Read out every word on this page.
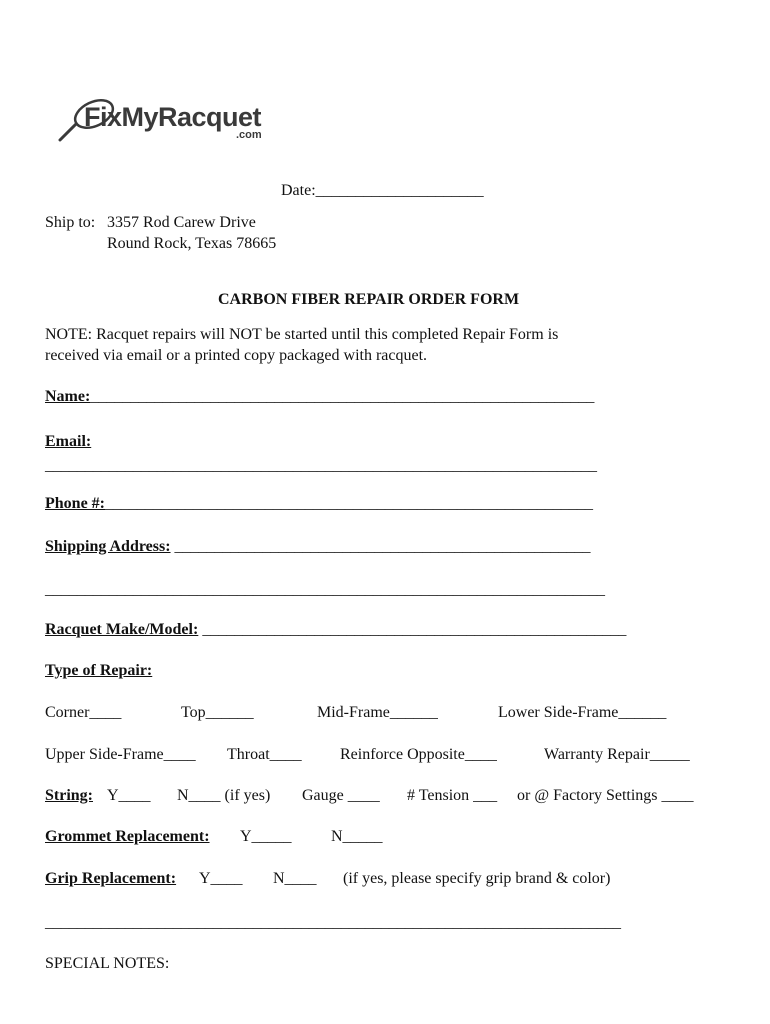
FixMyRacquet
.com
Date:_____________________
Ship to: 3357 Rod Carew Drive
Round Rock, Texas 78665
CARBON FIBER REPAIR ORDER FORM
NOTE: Racquet repairs will NOT be started until this completed Repair Form is
received via email or a printed copy packaged with racquet.
Name:_______________________________________________________________
Email:
_____________________________________________________________________
Phone #:_____________________________________________________________
Shipping Address: ____________________________________________________
______________________________________________________________________
Racquet Make/Model: _____________________________________________________
Type of Repair:
Corner____	Top______	Mid-Frame______	Lower Side-Frame______
Upper Side-Frame____ Throat____ Reinforce Opposite____	Warranty Repair_____
String: Y____ N____ (if yes) Gauge ____ # Tension ___ or @ Factory Settings ____
Grommet Replacement: Y_____ N_____
Grip Replacement: Y____ N____ (if yes, please specify grip brand & color)
________________________________________________________________________
SPECIAL NOTES:
